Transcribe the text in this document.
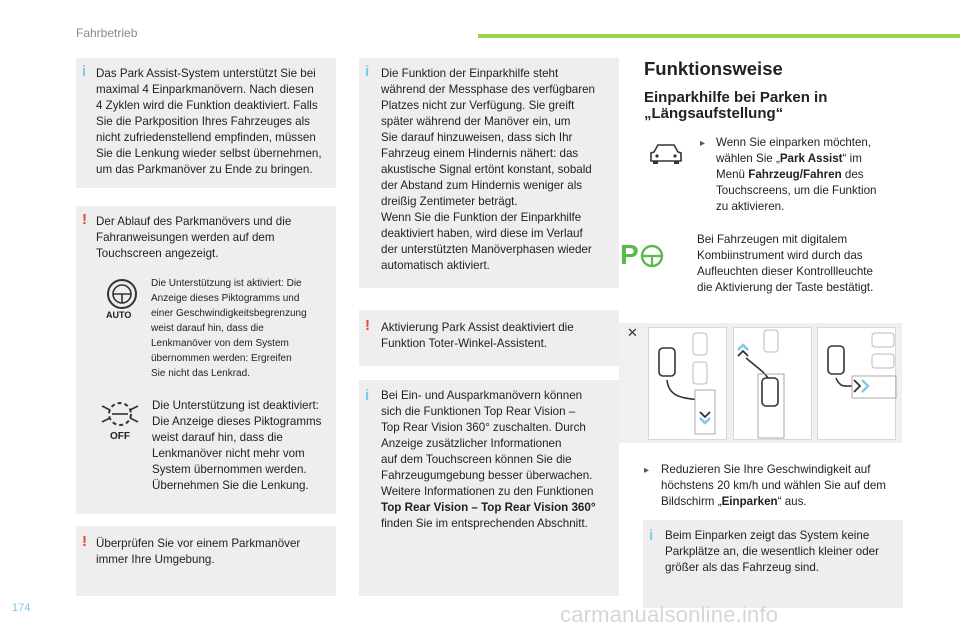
Fahrbetrieb
i Das Park Assist-System unterstützt Sie bei
maximal 4 Einparkmanövern. Nach diesen
4 Zyklen wird die Funktion deaktiviert. Falls
Sie die Parkposition Ihres Fahrzeuges als
nicht zufriedenstellend empfinden, müssen
Sie die Lenkung wieder selbst übernehmen,
um das Parkmanöver zu Ende zu bringen.
! Der Ablauf des Parkmanövers und die
Fahranweisungen werden auf dem
Touchscreen angezeigt.
AUTO
Die Unterstützung ist aktiviert: Die
Anzeige dieses Piktogramms und
einer Geschwindigkeitsbegrenzung
weist darauf hin, dass die
Lenkmanöver von dem System
übernommen werden: Ergreifen
Sie nicht das Lenkrad.
OFF
Die Unterstützung ist deaktiviert:
Die Anzeige dieses Piktogramms
weist darauf hin, dass die
Lenkmanöver nicht mehr vom
System übernommen werden.
Übernehmen Sie die Lenkung.
! Überprüfen Sie vor einem Parkmanöver
immer Ihre Umgebung.
i Die Funktion der Einparkhilfe steht
während der Messphase des verfügbaren
Platzes nicht zur Verfügung. Sie greift
später während der Manöver ein, um
Sie darauf hinzuweisen, dass sich Ihr
Fahrzeug einem Hindernis nähert: das
akustische Signal ertönt konstant, sobald
der Abstand zum Hindernis weniger als
dreißig Zentimeter beträgt.
Wenn Sie die Funktion der Einparkhilfe
deaktiviert haben, wird diese im Verlauf
der unterstützten Manöverphasen wieder
automatisch aktiviert.
! Aktivierung Park Assist deaktiviert die
Funktion Toter-Winkel-Assistent.
i Bei Ein- und Ausparkmanövern können
sich die Funktionen Top Rear Vision –
Top Rear Vision 360° zuschalten. Durch
Anzeige zusätzlicher Informationen
auf dem Touchscreen können Sie die
Fahrzeugumgebung besser überwachen.
Weitere Informationen zu den Funktionen
Top Rear Vision – Top Rear Vision 360°
finden Sie im entsprechenden Abschnitt.
Funktionsweise
Einparkhilfe bei Parken in
„Längsaufstellung“
▸ Wenn Sie einparken möchten,
wählen Sie „Park Assist“ im
Menü Fahrzeug/Fahren des
Touchscreens, um die Funktion
zu aktivieren.
P	Bei Fahrzeugen mit digitalem
Kombiinstrument wird durch das
Aufleuchten dieser Kontrollleuchte
die Aktivierung der Taste bestätigt.
✕
▸ Reduzieren Sie Ihre Geschwindigkeit auf
höchstens 20 km/h und wählen Sie auf dem
Bildschirm „Einparken“ aus.
i Beim Einparken zeigt das System keine
Parkplätze an, die wesentlich kleiner oder
größer als das Fahrzeug sind.
174	carmanualsonline.info
